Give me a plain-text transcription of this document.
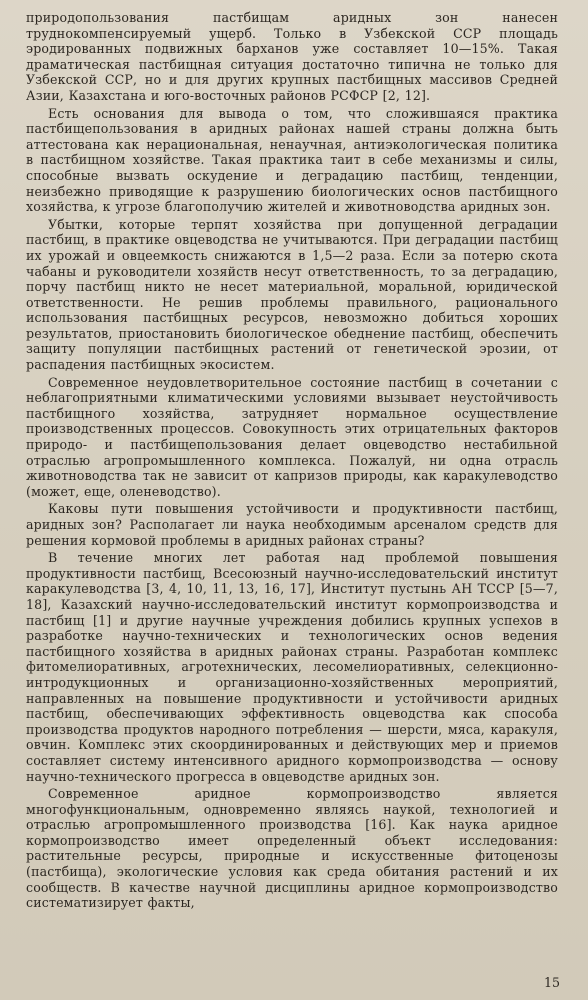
природопользования пастбищам аридных зон нанесен труднокомпенсируемый ущерб. Только в Узбекской ССР площадь эродированных подвижных барханов уже составляет 10—15%. Такая драматическая пастбищная ситуация достаточно типична не только для Узбекской ССР, но и для других крупных пастбищных массивов Средней Азии, Казахстана и юго-восточных районов РСФСР [2, 12].

Есть основания для вывода о том, что сложившаяся практика пастбищепользования в аридных районах нашей страны должна быть аттестована как нерациональная, ненаучная, антиэкологическая политика в пастбищном хозяйстве. Такая практика таит в себе механизмы и силы, способные вызвать оскудение и деградацию пастбищ, тенденции, неизбежно приводящие к разрушению биологических основ пастбищного хозяйства, к угрозе благополучию жителей и животноводства аридных зон.

Убытки, которые терпят хозяйства при допущенной деградации пастбищ, в практике овцеводства не учитываются. При деградации пастбищ их урожай и овцеемкость снижаются в 1,5—2 раза. Если за потерю скота чабаны и руководители хозяйств несут ответственность, то за деградацию, порчу пастбищ никто не несет материальной, моральной, юридической ответственности. Не решив проблемы правильного, рационального использования пастбищных ресурсов, невозможно добиться хороших результатов, приостановить биологическое обеднение пастбищ, обеспечить защиту популяции пастбищных растений от генетической эрозии, от распадения пастбищных экосистем.

Современное неудовлетворительное состояние пастбищ в сочетании с неблагоприятными климатическими условиями вызывает неустойчивость пастбищного хозяйства, затрудняет нормальное осуществление производственных процессов. Совокупность этих отрицательных факторов природо- и пастбищепользования делает овцеводство нестабильной отраслью агропромышленного комплекса. Пожалуй, ни одна отрасль животноводства так не зависит от капризов природы, как каракулеводство (может, еще, оленеводство).

Каковы пути повышения устойчивости и продуктивности пастбищ, аридных зон? Располагает ли наука необходимым арсеналом средств для решения кормовой проблемы в аридных районах страны?

В течение многих лет работая над проблемой повышения продуктивности пастбищ, Всесоюзный научно-исследовательский институт каракулеводства [3, 4, 10, 11, 13, 16, 17], Институт пустынь АН ТССР [5—7, 18], Казахский научно-исследовательский институт кормопроизводства и пастбищ [1] и другие научные учреждения добились крупных успехов в разработке научно-технических и технологических основ ведения пастбищного хозяйства в аридных районах страны. Разработан комплекс фитомелиоративных, агротехнических, лесомелиоративных, селекционно-интродукционных и организационно-хозяйственных мероприятий, направленных на повышение продуктивности и устойчивости аридных пастбищ, обеспечивающих эффективность овцеводства как способа производства продуктов народного потребления — шерсти, мяса, каракуля, овчин. Комплекс этих скоординированных и действующих мер и приемов составляет систему интенсивного аридного кормопроизводства — основу научно-технического прогресса в овцеводстве аридных зон.

Современное аридное кормопроизводство является многофункциональным, одновременно являясь наукой, технологией и отраслью агропромышленного производства [16]. Как наука аридное кормопроизводство имеет определенный объект исследования: растительные ресурсы, природные и искусственные фитоценозы (пастбища), экологические условия как среда обитания растений и их сообществ. В качестве научной дисциплины аридное кормопроизводство систематизирует факты,

15
